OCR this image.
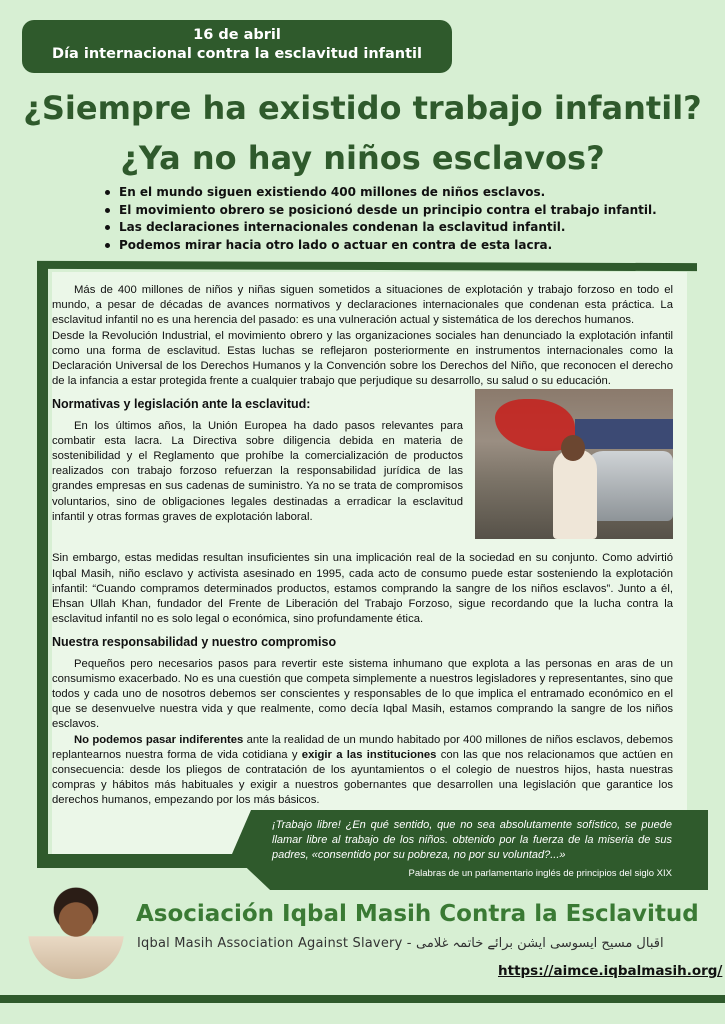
16 de abril
Día internacional contra la esclavitud infantil
¿Siempre ha existido trabajo infantil?
¿Ya no hay niños esclavos?
En el mundo siguen existiendo 400 millones de niños esclavos.
El movimiento obrero se posicionó desde un principio contra el trabajo infantil.
Las declaraciones internacionales condenan la esclavitud infantil.
Podemos mirar hacia otro lado o actuar en contra de esta lacra.

Más de 400 millones de niños y niñas siguen sometidos a situaciones de explotación y trabajo forzoso en todo el mundo, a pesar de décadas de avances normativos y declaraciones internacionales que condenan esta práctica. La esclavitud infantil no es una herencia del pasado: es una vulneración actual y sistemática de los derechos humanos.

Desde la Revolución Industrial, el movimiento obrero y las organizaciones sociales han denunciado la explotación infantil como una forma de esclavitud. Estas luchas se reflejaron posteriormente en instrumentos internacionales como la Declaración Universal de los Derechos Humanos y la Convención sobre los Derechos del Niño, que reconocen el derecho de la infancia a estar protegida frente a cualquier trabajo que perjudique su desarrollo, su salud o su educación.

Normativas y legislación ante la esclavitud:

En los últimos años, la Unión Europea ha dado pasos relevantes para combatir esta lacra. La Directiva sobre diligencia debida en materia de sostenibilidad y el Reglamento que prohíbe la comercialización de productos realizados con trabajo forzoso refuerzan la responsabilidad jurídica de las grandes empresas en sus cadenas de suministro. Ya no se trata de compromisos voluntarios, sino de obligaciones legales destinadas a erradicar la esclavitud infantil y otras formas graves de explotación laboral.

Sin embargo, estas medidas resultan insuficientes sin una implicación real de la sociedad en su conjunto. Como advirtió Iqbal Masih, niño esclavo y activista asesinado en 1995, cada acto de consumo puede estar sosteniendo la explotación infantil: “Cuando compramos determinados productos, estamos comprando la sangre de los niños esclavos”. Junto a él, Ehsan Ullah Khan, fundador del Frente de Liberación del Trabajo Forzoso, sigue recordando que la lucha contra la esclavitud infantil no es solo legal o económica, sino profundamente ética.

Nuestra responsabilidad y nuestro compromiso

Pequeños pero necesarios pasos para revertir este sistema inhumano que explota a las personas en aras de un consumismo exacerbado. No es una cuestión que competa simplemente a nuestros legisladores y representantes, sino que todos y cada uno de nosotros debemos ser conscientes y responsables de lo que implica el entramado económico en el que se desenvuelve nuestra vida y que realmente, como decía Iqbal Masih, estamos comprando la sangre de los niños esclavos.

No podemos pasar indiferentes ante la realidad de un mundo habitado por 400 millones de niños esclavos, debemos replantearnos nuestra forma de vida cotidiana y exigir a las instituciones con las que nos relacionamos que actúen en consecuencia: desde los pliegos de contratación de los ayuntamientos o el colegio de nuestros hijos, hasta nuestras compras y hábitos más habituales y exigir a nuestros gobernantes que desarrollen una legislación que garantice los derechos humanos, empezando por los más básicos.

¡Trabajo libre! ¿En qué sentido, que no sea absolutamente sofístico, se puede llamar libre al trabajo de los niños. obtenido por la fuerza de la miseria de sus padres, «consentido por su pobreza, no por su voluntad?...»
Palabras de un parlamentario inglés de principios del siglo XIX
Asociación Iqbal Masih Contra la Esclavitud
Iqbal Masih Association Against Slavery - اقبال مسیح ایسوسی ایشن برائے خاتمہ غلامی
https://aimce.iqbalmasih.org/
